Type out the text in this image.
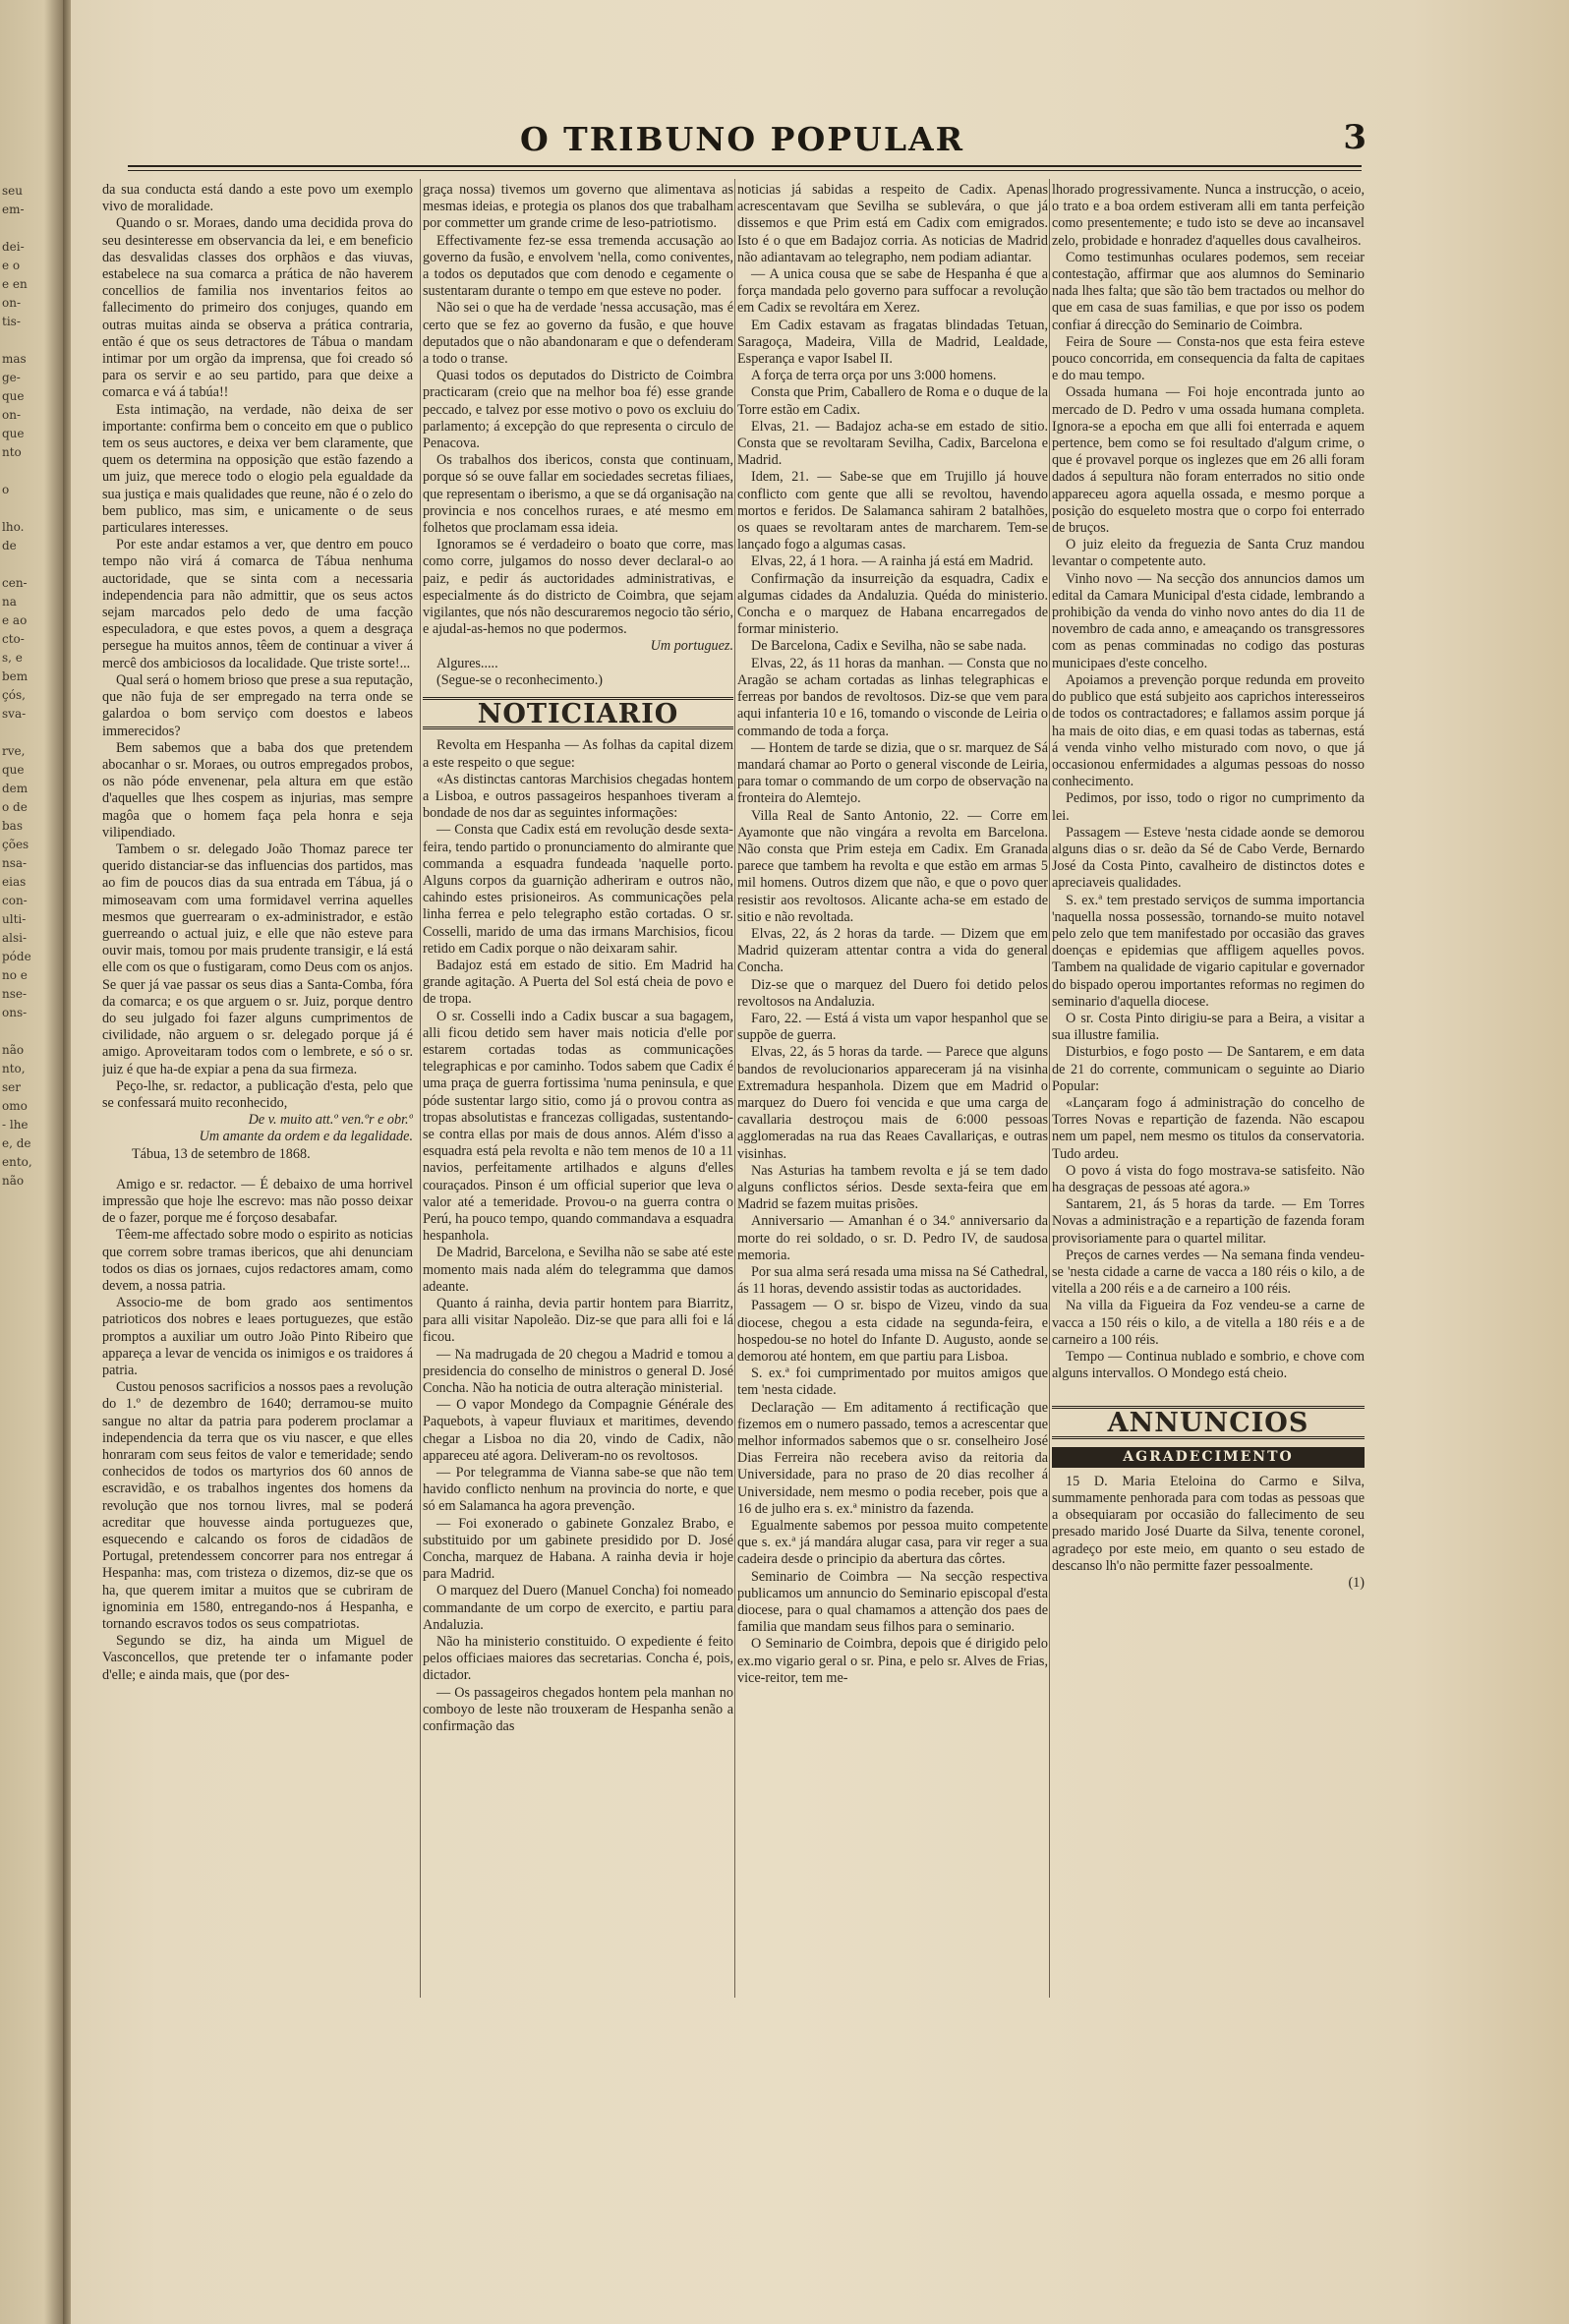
seu
em-

dei-
e o
e en
on-
tis-

mas
ge-
que
on-
que
nto

o

lho.
de

cen-
na
e ao
cto-
s, e
bem
çós,
sva-

rve,
que
dem
o de
bas
ções
nsa-
eias
con-
ulti-
alsi-
póde
no e
nse-
ons-

não
nto,
ser
omo
- lhe
e, de
ento,
não
O TRIBUNO POPULAR	3

da sua conducta está dando a este povo um exemplo vivo de moralidade.

Quando o sr. Moraes, dando uma decidida prova do seu desinteresse em observancia da lei, e em beneficio das desvalidas classes dos orphãos e das viuvas, estabelece na sua comarca a prática de não haverem concellios de familia nos inventarios feitos ao fallecimento do primeiro dos conjuges, quando em outras muitas ainda se observa a prática contraria, então é que os seus detractores de Tábua o mandam intimar por um orgão da imprensa, que foi creado só para os servir e ao seu partido, para que deixe a comarca e vá á tabúa!!

Esta intimação, na verdade, não deixa de ser importante: confirma bem o conceito em que o publico tem os seus auctores, e deixa ver bem claramente, que quem os determina na opposição que estão fazendo a um juiz, que merece todo o elogio pela egualdade da sua justiça e mais qualidades que reune, não é o zelo do bem publico, mas sim, e unicamente o de seus particulares interesses.

Por este andar estamos a ver, que dentro em pouco tempo não virá á comarca de Tábua nenhuma auctoridade, que se sinta com a necessaria independencia para não admittir, que os seus actos sejam marcados pelo dedo de uma facção especuladora, e que estes povos, a quem a desgraça persegue ha muitos annos, têem de continuar a viver á mercê dos ambiciosos da localidade. Que triste sorte!...

Qual será o homem brioso que prese a sua reputação, que não fuja de ser empregado na terra onde se galardoa o bom serviço com doestos e labeos immerecidos?

Bem sabemos que a baba dos que pretendem abocanhar o sr. Moraes, ou outros empregados probos, os não póde envenenar, pela altura em que estão d'aquelles que lhes cospem as injurias, mas sempre magôa que o homem faça pela honra e seja vilipendiado.

Tambem o sr. delegado João Thomaz parece ter querido distanciar-se das influencias dos partidos, mas ao fim de poucos dias da sua entrada em Tábua, já o mimoseavam com uma formidavel verrina aquelles mesmos que guerrearam o ex-administrador, e estão guerreando o actual juiz, e elle que não esteve para ouvir mais, tomou por mais prudente transigir, e lá está elle com os que o fustigaram, como Deus com os anjos. Se quer já vae passar os seus dias a Santa-Comba, fóra da comarca; e os que arguem o sr. Juiz, porque dentro do seu julgado foi fazer alguns cumprimentos de civilidade, não arguem o sr. delegado porque já é amigo. Aproveitaram todos com o lembrete, e só o sr. juiz é que ha-de expiar a pena da sua firmeza.

Peço-lhe, sr. redactor, a publicação d'esta, pelo que se confessará muito reconhecido,

De v. muito att.º ven.ºr e obr.º

Um amante da ordem e da legalidade.

Tábua, 13 de setembro de 1868.

Amigo e sr. redactor. — É debaixo de uma horrivel impressão que hoje lhe escrevo: mas não posso deixar de o fazer, porque me é forçoso desabafar.

Têem-me affectado sobre modo o espirito as noticias que correm sobre tramas ibericos, que ahi denunciam todos os dias os jornaes, cujos redactores amam, como devem, a nossa patria.

Associo-me de bom grado aos sentimentos patrioticos dos nobres e leaes portuguezes, que estão promptos a auxiliar um outro João Pinto Ribeiro que appareça a levar de vencida os inimigos e os traidores á patria.

Custou penosos sacrificios a nossos paes a revolução do 1.º de dezembro de 1640; derramou-se muito sangue no altar da patria para poderem proclamar a independencia da terra que os viu nascer, e que elles honraram com seus feitos de valor e temeridade; sendo conhecidos de todos os martyrios dos 60 annos de escravidão, e os trabalhos ingentes dos homens da revolução que nos tornou livres, mal se poderá acreditar que houvesse ainda portuguezes que, esquecendo e calcando os foros de cidadãos de Portugal, pretendessem concorrer para nos entregar á Hespanha: mas, com tristeza o dizemos, diz-se que os ha, que querem imitar a muitos que se cubriram de ignominia em 1580, entregando-nos á Hespanha, e tornando escravos todos os seus compatriotas.

Segundo se diz, ha ainda um Miguel de Vasconcellos, que pretende ter o infamante poder d'elle; e ainda mais, que (por des-

graça nossa) tivemos um governo que alimentava as mesmas ideias, e protegia os planos dos que trabalham por commetter um grande crime de leso-patriotismo.

Effectivamente fez-se essa tremenda accusação ao governo da fusão, e envolvem 'nella, como coniventes, a todos os deputados que com denodo e cegamente o sustentaram durante o tempo em que esteve no poder.

Não sei o que ha de verdade 'nessa accusação, mas é certo que se fez ao governo da fusão, e que houve deputados que o não abandonaram e que o defenderam a todo o transe.

Quasi todos os deputados do Districto de Coimbra practicaram (creio que na melhor boa fé) esse grande peccado, e talvez por esse motivo o povo os excluiu do parlamento; á excepção do que representa o circulo de Penacova.

Os trabalhos dos ibericos, consta que continuam, porque só se ouve fallar em sociedades secretas filiaes, que representam o iberismo, a que se dá organisação na provincia e nos concelhos ruraes, e até mesmo em folhetos que proclamam essa ideia.

Ignoramos se é verdadeiro o boato que corre, mas como corre, julgamos do nosso dever declaral-o ao paiz, e pedir ás auctoridades administrativas, e especialmente ás do districto de Coimbra, que sejam vigilantes, que nós não descuraremos negocio tão sério, e ajudal-as-hemos no que podermos.

Um portuguez.

Algures.....

(Segue-se o reconhecimento.)

NOTICIARIO

Revolta em Hespanha — As folhas da capital dizem a este respeito o que segue:

«As distinctas cantoras Marchisios chegadas hontem a Lisboa, e outros passageiros hespanhoes tiveram a bondade de nos dar as seguintes informações:

— Consta que Cadix está em revolução desde sexta-feira, tendo partido o pronunciamento do almirante que commanda a esquadra fundeada 'naquelle porto. Alguns corpos da guarnição adheriram e outros não, cahindo estes prisioneiros. As communicações pela linha ferrea e pelo telegrapho estão cortadas. O sr. Cosselli, marido de uma das irmans Marchisios, ficou retido em Cadix porque o não deixaram sahir.

Badajoz está em estado de sitio. Em Madrid ha grande agitação. A Puerta del Sol está cheia de povo e de tropa.

O sr. Cosselli indo a Cadix buscar a sua bagagem, alli ficou detido sem haver mais noticia d'elle por estarem cortadas todas as communicações telegraphicas e por caminho. Todos sabem que Cadix é uma praça de guerra fortissima 'numa peninsula, e que póde sustentar largo sitio, como já o provou contra as tropas absolutistas e francezas colligadas, sustentando-se contra ellas por mais de dous annos. Além d'isso a esquadra está pela revolta e não tem menos de 10 a 11 navios, perfeitamente artilhados e alguns d'elles couraçados. Pinson é um official superior que leva o valor até a temeridade. Provou-o na guerra contra o Perú, ha pouco tempo, quando commandava a esquadra hespanhola.

De Madrid, Barcelona, e Sevilha não se sabe até este momento mais nada além do telegramma que damos adeante.

Quanto á rainha, devia partir hontem para Biarritz, para alli visitar Napoleão. Diz-se que para alli foi e lá ficou.

— Na madrugada de 20 chegou a Madrid e tomou a presidencia do conselho de ministros o general D. José Concha. Não ha noticia de outra alteração ministerial.

— O vapor Mondego da Compagnie Générale des Paquebots, à vapeur fluviaux et maritimes, devendo chegar a Lisboa no dia 20, vindo de Cadix, não appareceu até agora. Deliveram-no os revoltosos.

— Por telegramma de Vianna sabe-se que não tem havido conflicto nenhum na provincia do norte, e que só em Salamanca ha agora prevenção.

— Foi exonerado o gabinete Gonzalez Brabo, e substituido por um gabinete presidido por D. José Concha, marquez de Habana. A rainha devia ir hoje para Madrid.

O marquez del Duero (Manuel Concha) foi nomeado commandante de um corpo de exercito, e partiu para Andaluzia.

Não ha ministerio constituido. O expediente é feito pelos officiaes maiores das secretarias. Concha é, pois, dictador.

— Os passageiros chegados hontem pela manhan no comboyo de leste não trouxeram de Hespanha senão a confirmação das

noticias já sabidas a respeito de Cadix. Apenas acrescentavam que Sevilha se sublevára, o que já dissemos e que Prim está em Cadix com emigrados. Isto é o que em Badajoz corria. As noticias de Madrid não adiantavam ao telegrapho, nem podiam adiantar.

— A unica cousa que se sabe de Hespanha é que a força mandada pelo governo para suffocar a revolução em Cadix se revoltára em Xerez.

Em Cadix estavam as fragatas blindadas Tetuan, Saragoça, Madeira, Villa de Madrid, Lealdade, Esperança e vapor Isabel II.

A força de terra orça por uns 3:000 homens.

Consta que Prim, Caballero de Roma e o duque de la Torre estão em Cadix.

Elvas, 21. — Badajoz acha-se em estado de sitio. Consta que se revoltaram Sevilha, Cadix, Barcelona e Madrid.

Idem, 21. — Sabe-se que em Trujillo já houve conflicto com gente que alli se revoltou, havendo mortos e feridos. De Salamanca sahiram 2 batalhões, os quaes se revoltaram antes de marcharem. Tem-se lançado fogo a algumas casas.

Elvas, 22, á 1 hora. — A rainha já está em Madrid.

Confirmação da insurreição da esquadra, Cadix e algumas cidades da Andaluzia. Quéda do ministerio. Concha e o marquez de Habana encarregados de formar ministerio.

De Barcelona, Cadix e Sevilha, não se sabe nada.

Elvas, 22, ás 11 horas da manhan. — Consta que no Aragão se acham cortadas as linhas telegraphicas e ferreas por bandos de revoltosos. Diz-se que vem para aqui infanteria 10 e 16, tomando o visconde de Leiria o commando de toda a força.

— Hontem de tarde se dizia, que o sr. marquez de Sá mandará chamar ao Porto o general visconde de Leiria, para tomar o commando de um corpo de observação na fronteira do Alemtejo.

Villa Real de Santo Antonio, 22. — Corre em Ayamonte que não vingára a revolta em Barcelona. Não consta que Prim esteja em Cadix. Em Granada parece que tambem ha revolta e que estão em armas 5 mil homens. Outros dizem que não, e que o povo quer resistir aos revoltosos. Alicante acha-se em estado de sitio e não revoltada.

Elvas, 22, ás 2 horas da tarde. — Dizem que em Madrid quizeram attentar contra a vida do general Concha.

Diz-se que o marquez del Duero foi detido pelos revoltosos na Andaluzia.

Faro, 22. — Está á vista um vapor hespanhol que se suppõe de guerra.

Elvas, 22, ás 5 horas da tarde. — Parece que alguns bandos de revolucionarios appareceram já na visinha Extremadura hespanhola. Dizem que em Madrid o marquez do Duero foi vencida e que uma carga de cavallaria destroçou mais de 6:000 pessoas agglomeradas na rua das Reaes Cavallariças, e outras visinhas.

Nas Asturias ha tambem revolta e já se tem dado alguns conflictos sérios. Desde sexta-feira que em Madrid se fazem muitas prisões.

Anniversario — Amanhan é o 34.º anniversario da morte do rei soldado, o sr. D. Pedro IV, de saudosa memoria.

Por sua alma será resada uma missa na Sé Cathedral, ás 11 horas, devendo assistir todas as auctoridades.

Passagem — O sr. bispo de Vizeu, vindo da sua diocese, chegou a esta cidade na segunda-feira, e hospedou-se no hotel do Infante D. Augusto, aonde se demorou até hontem, em que partiu para Lisboa.

S. ex.ª foi cumprimentado por muitos amigos que tem 'nesta cidade.

Declaração — Em aditamento á rectificação que fizemos em o numero passado, temos a acrescentar que melhor informados sabemos que o sr. conselheiro José Dias Ferreira não recebera aviso da reitoria da Universidade, para no praso de 20 dias recolher á Universidade, nem mesmo o podia receber, pois que a 16 de julho era s. ex.ª ministro da fazenda.

Egualmente sabemos por pessoa muito competente que s. ex.ª já mandára alugar casa, para vir reger a sua cadeira desde o principio da abertura das côrtes.

Seminario de Coimbra — Na secção respectiva publicamos um annuncio do Seminario episcopal d'esta diocese, para o qual chamamos a attenção dos paes de familia que mandam seus filhos para o seminario.

O Seminario de Coimbra, depois que é dirigido pelo ex.mo vigario geral o sr. Pina, e pelo sr. Alves de Frias, vice-reitor, tem me-

lhorado progressivamente. Nunca a instrucção, o aceio, o trato e a boa ordem estiveram alli em tanta perfeição como presentemente; e tudo isto se deve ao incansavel zelo, probidade e honradez d'aquelles dous cavalheiros.

Como testimunhas oculares podemos, sem receiar contestação, affirmar que aos alumnos do Seminario nada lhes falta; que são tão bem tractados ou melhor do que em casa de suas familias, e que por isso os podem confiar á direcção do Seminario de Coimbra.

Feira de Soure — Consta-nos que esta feira esteve pouco concorrida, em consequencia da falta de capitaes e do mau tempo.

Ossada humana — Foi hoje encontrada junto ao mercado de D. Pedro v uma ossada humana completa. Ignora-se a epocha em que alli foi enterrada e aquem pertence, bem como se foi resultado d'algum crime, o que é provavel porque os inglezes que em 26 alli foram dados á sepultura não foram enterrados no sitio onde appareceu agora aquella ossada, e mesmo porque a posição do esqueleto mostra que o corpo foi enterrado de bruços.

O juiz eleito da freguezia de Santa Cruz mandou levantar o competente auto.

Vinho novo — Na secção dos annuncios damos um edital da Camara Municipal d'esta cidade, lembrando a prohibição da venda do vinho novo antes do dia 11 de novembro de cada anno, e ameaçando os transgressores com as penas comminadas no codigo das posturas municipaes d'este concelho.

Apoiamos a prevenção porque redunda em proveito do publico que está subjeito aos caprichos interesseiros de todos os contractadores; e fallamos assim porque já ha mais de oito dias, e em quasi todas as tabernas, está á venda vinho velho misturado com novo, o que já occasionou enfermidades a algumas pessoas do nosso conhecimento.

Pedimos, por isso, todo o rigor no cumprimento da lei.

Passagem — Esteve 'nesta cidade aonde se demorou alguns dias o sr. deão da Sé de Cabo Verde, Bernardo José da Costa Pinto, cavalheiro de distinctos dotes e apreciaveis qualidades.

S. ex.ª tem prestado serviços de summa importancia 'naquella nossa possessão, tornando-se muito notavel pelo zelo que tem manifestado por occasião das graves doenças e epidemias que affligem aquelles povos. Tambem na qualidade de vigario capitular e governador do bispado operou importantes reformas no regimen do seminario d'aquella diocese.

O sr. Costa Pinto dirigiu-se para a Beira, a visitar a sua illustre familia.

Disturbios, e fogo posto — De Santarem, e em data de 21 do corrente, communicam o seguinte ao Diario Popular:

«Lançaram fogo á administração do concelho de Torres Novas e repartição de fazenda. Não escapou nem um papel, nem mesmo os titulos da conservatoria. Tudo ardeu.

O povo á vista do fogo mostrava-se satisfeito. Não ha desgraças de pessoas até agora.»

Santarem, 21, ás 5 horas da tarde. — Em Torres Novas a administração e a repartição de fazenda foram provisoriamente para o quartel militar.

Preços de carnes verdes — Na semana finda vendeu-se 'nesta cidade a carne de vacca a 180 réis o kilo, a de vitella a 200 réis e a de carneiro a 100 réis.

Na villa da Figueira da Foz vendeu-se a carne de vacca a 150 réis o kilo, a de vitella a 180 réis e a de carneiro a 100 réis.

Tempo — Continua nublado e sombrio, e chove com alguns intervallos. O Mondego está cheio.

ANNUNCIOS
AGRADECIMENTO

15 D. Maria Eteloina do Carmo e Silva, summamente penhorada para com todas as pessoas que a obsequiaram por occasião do fallecimento de seu presado marido José Duarte da Silva, tenente coronel, agradeço por este meio, em quanto o seu estado de descanso lh'o não permitte fazer pessoalmente.

(1)
